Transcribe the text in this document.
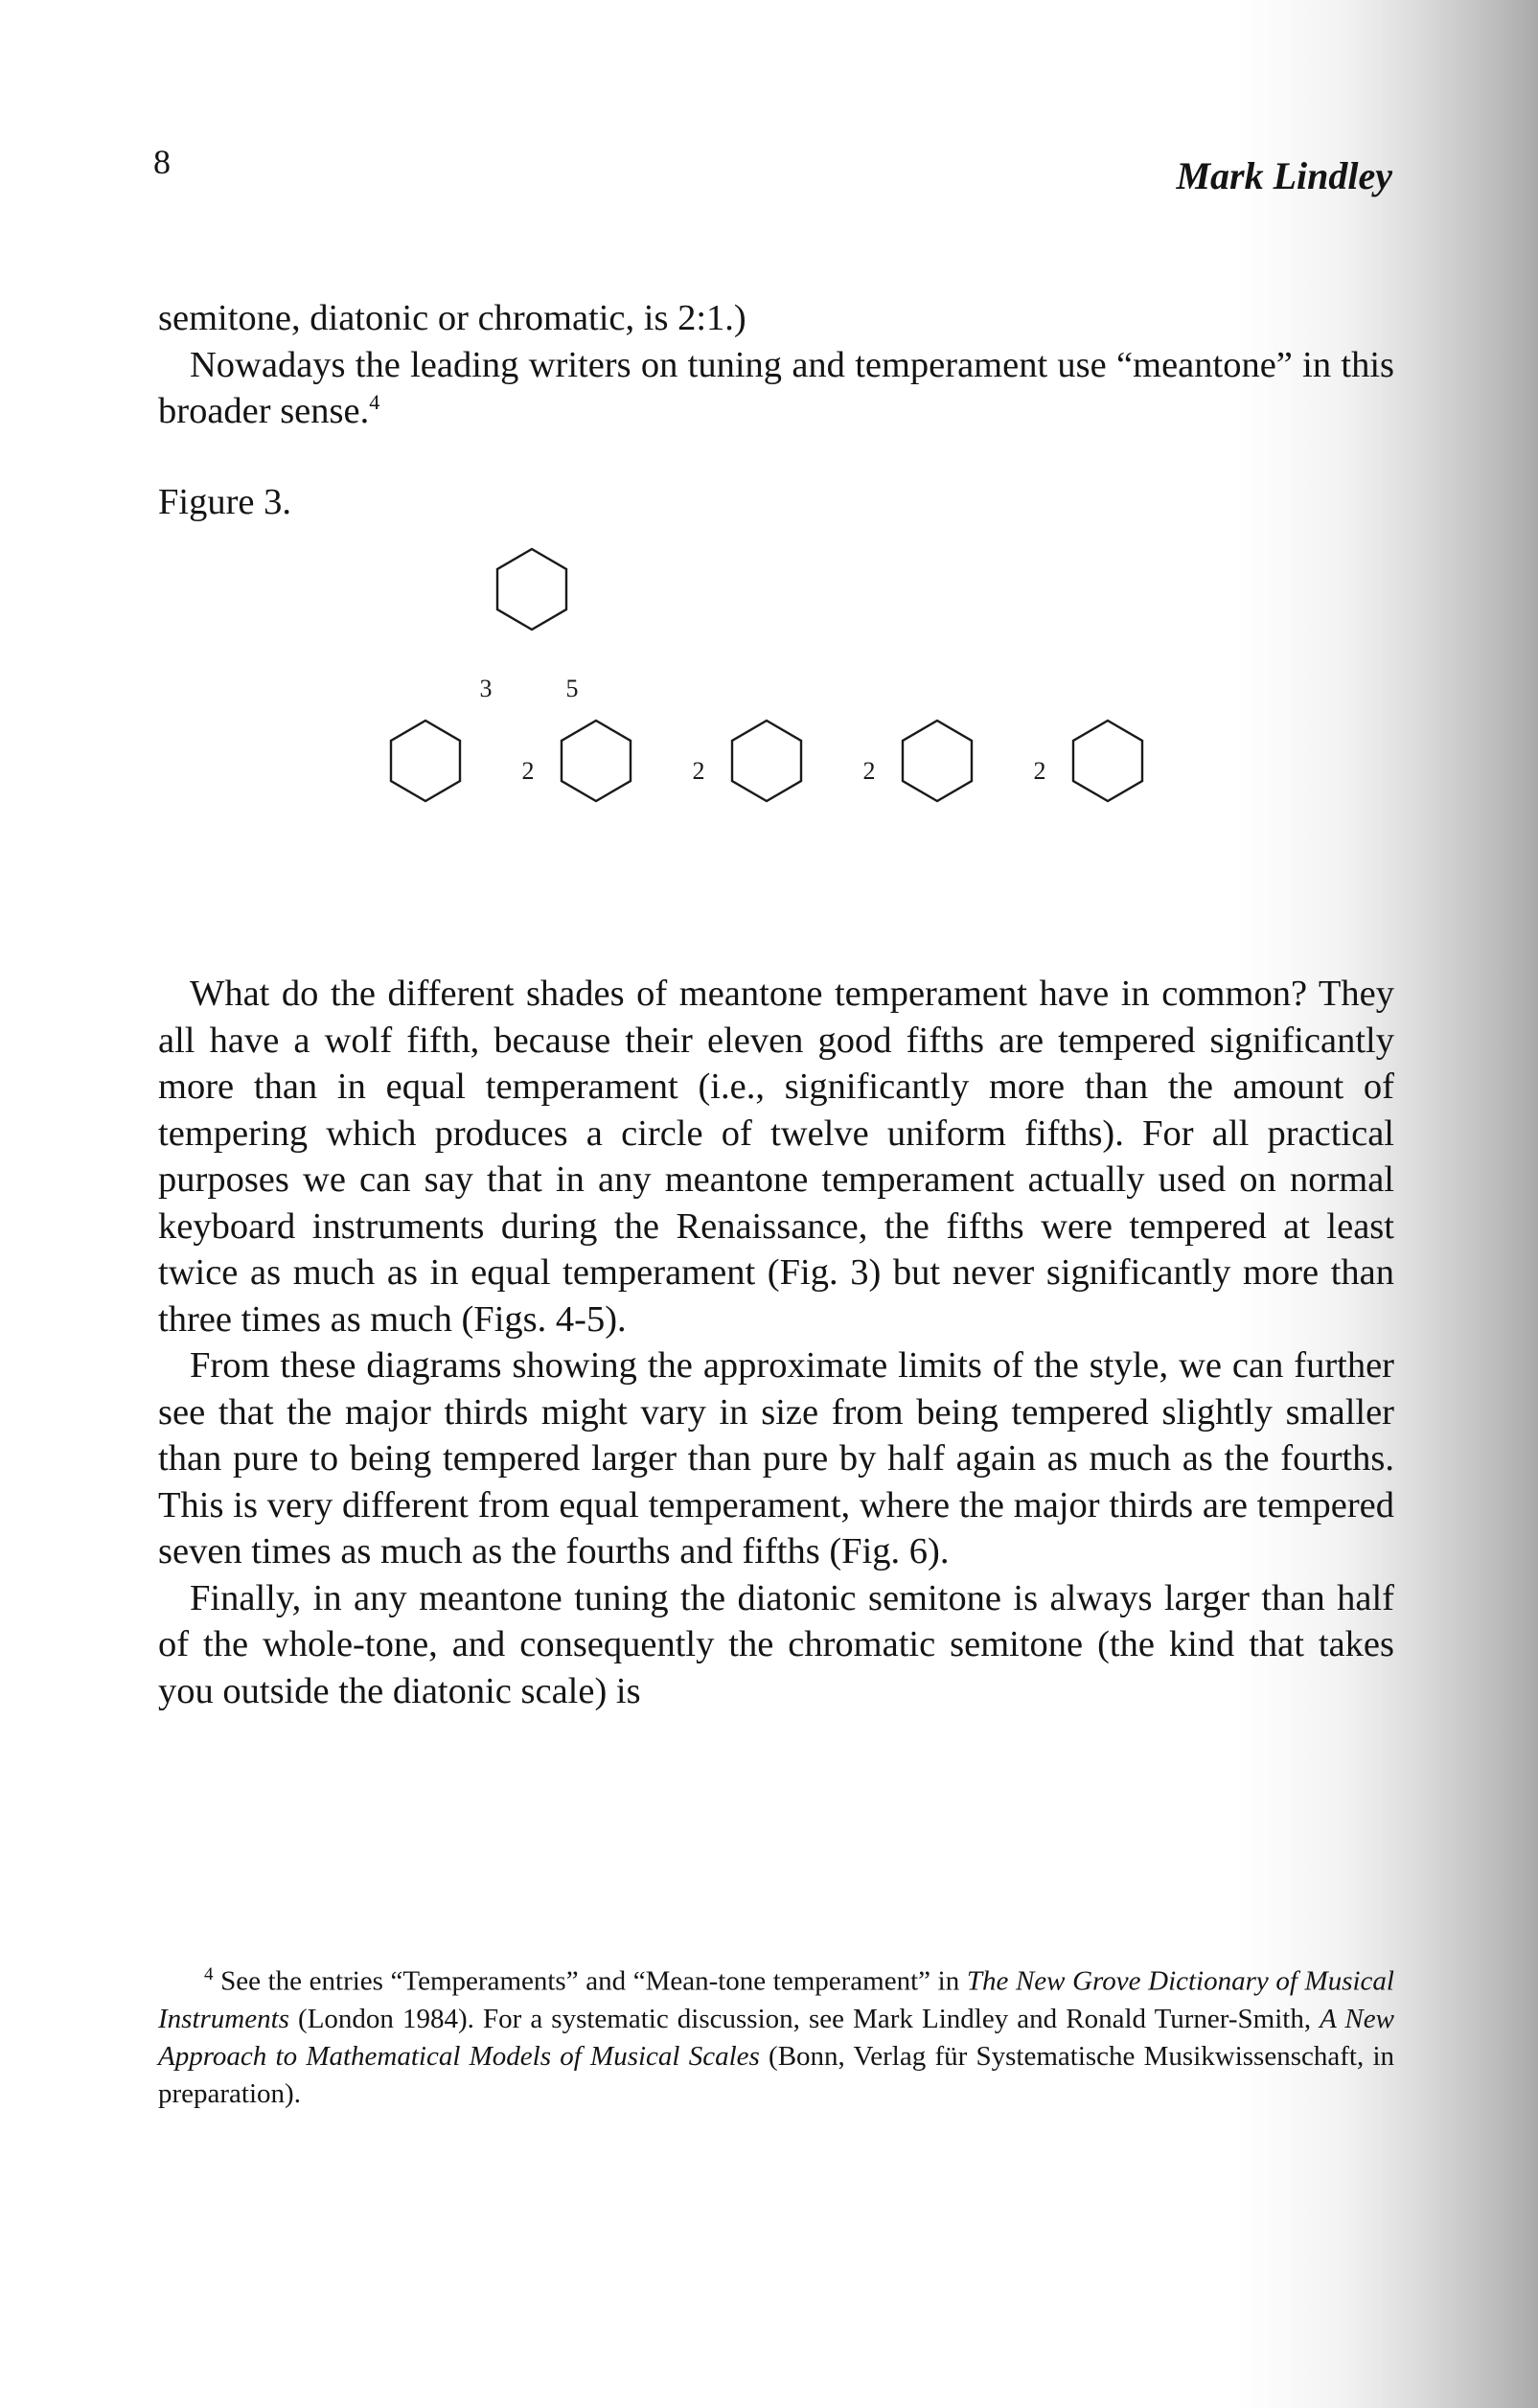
8	Mark Lindley

semitone, diatonic or chromatic, is 2:1.)

Nowadays the leading writers on tuning and temperament use “meantone” in this broader sense.$^4$

Figure 3.
3	5
2	2	2	2

What do the different shades of meantone temperament have in common? They all have a wolf fifth, because their eleven good fifths are tempered significantly more than in equal temperament (i.e., significantly more than the amount of tempering which produces a circle of twelve uniform fifths). For all practical purposes we can say that in any meantone temperament actually used on normal keyboard instruments during the Renaissance, the fifths were tempered at least twice as much as in equal temperament (Fig. 3) but never significantly more than three times as much (Figs. 4-5).

From these diagrams showing the approximate limits of the style, we can further see that the major thirds might vary in size from being tempered slightly smaller than pure to being tempered larger than pure by half again as much as the fourths. This is very different from equal temperament, where the major thirds are tempered seven times as much as the fourths and fifths (Fig. 6).

Finally, in any meantone tuning the diatonic semitone is always larger than half of the whole-tone, and consequently the chromatic semitone (the kind that takes you outside the diatonic scale) is

$^4$ See the entries “Temperaments” and “Mean-tone temperament” in The New Grove Dictionary of Musical Instruments (London 1984). For a systematic discussion, see Mark Lindley and Ronald Turner-Smith, A New Approach to Mathematical Models of Musical Scales (Bonn, Verlag für Systematische Musikwissenschaft, in preparation).
